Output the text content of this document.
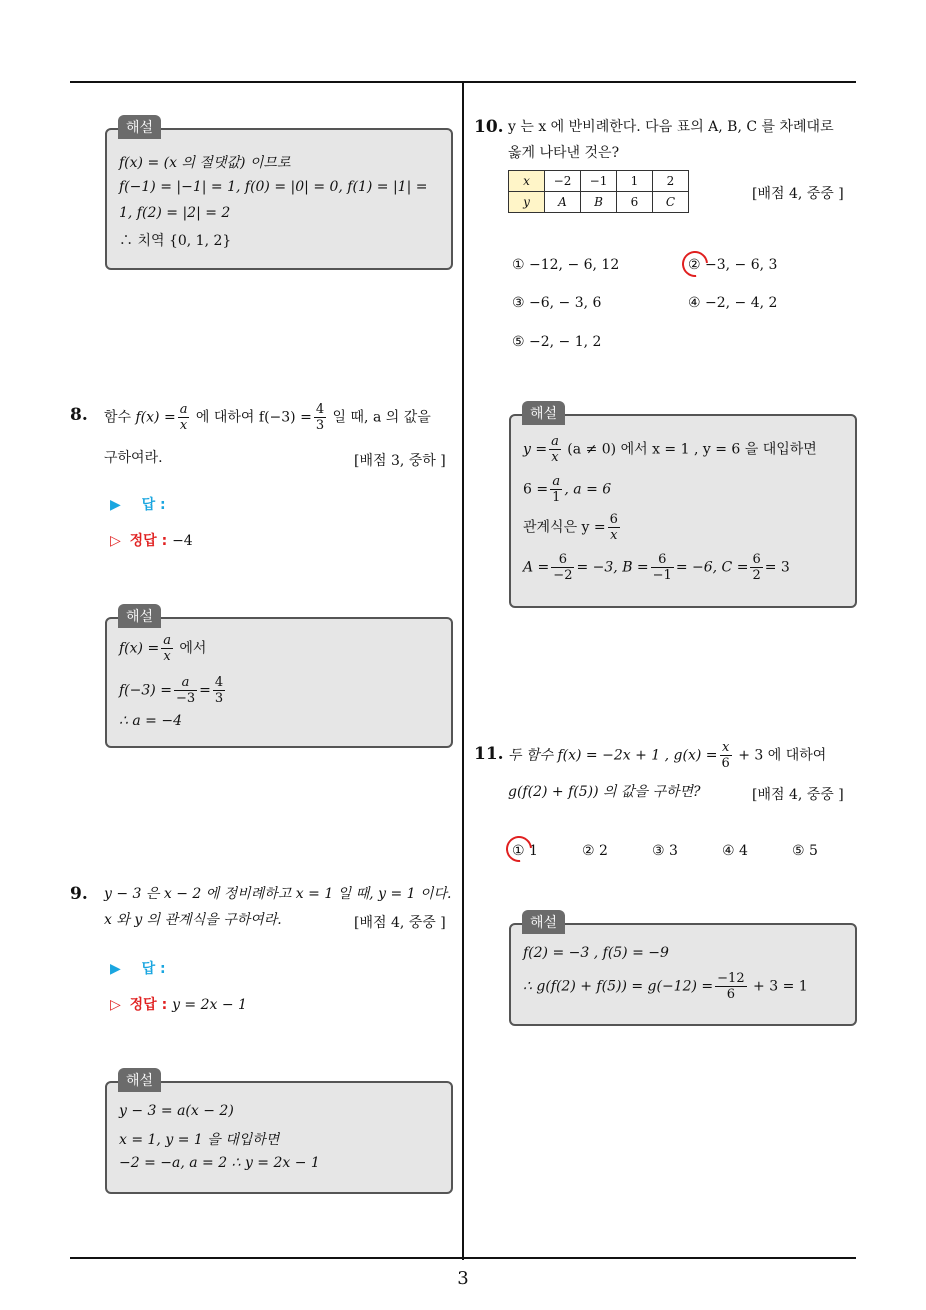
f(x) = (x 의 절댓값) 이므로
f(−1) = |−1| = 1, f(0) = |0| = 0, f(1) = |1| =
1, f(2) = |2| = 2
∴ 치역 {0, 1, 2}
해설
8. 함수 $f(x) = \frac{a}{x}$ 에 대하여 $f(-3) = \frac{4}{3}$ 일 때, a 의 값을
구하여라.	[배점 3, 중하 ]
▶ 답 :
▷ 정답 : −4
$f(x) = \frac{a}{x}$ 에서
$f(-3) = \frac{a}{-3} = \frac{4}{3}$
∴ a = −4
해설
9. y − 3 은 x − 2 에 정비례하고 x = 1 일 때, y = 1 이다.
x 와 y 의 관계식을 구하여라.	[배점 4, 중중 ]
▶ 답 :
▷ 정답 : y = 2x − 1
y − 3 = a(x − 2)
x = 1, y = 1 을 대입하면
−2 = −a, a = 2 ∴ y = 2x − 1
해설
10. y 는 x 에 반비례한다. 다음 표의 A, B, C 를 차례대로
옳게 나타낸 것은?
x	−2	−1	1	2
y	A	B	6	C	[배점 4, 중중 ]
① −12, − 6, 12	② −3, − 6, 3
③ −6, − 3, 6	④ −2, − 4, 2
⑤ −2, − 1, 2
$y = \frac{a}{x} (a \ne 0)$ 에서 x = 1 , y = 6 을 대입하면
$6 = \frac{a}{1}$ , a = 6
관계식은 $y = \frac{6}{x}$
$A = \frac{6}{-2} = -3$, $B = \frac{6}{-1} = -6$, $C = \frac{6}{2} = 3$
해설
11. 두 함수 f(x) = −2x + 1 , $g(x) = \frac{x}{6} + 3$ 에 대하여
g(f(2) + f(5)) 의 값을 구하면?	[배점 4, 중중 ]
① 1	② 2	③ 3	④ 4	⑤ 5
f(2) = −3 , f(5) = −9
∴ $g(f(2) + f(5)) = g(-12) = \frac{-12}{6} + 3 = 1$
해설
3
